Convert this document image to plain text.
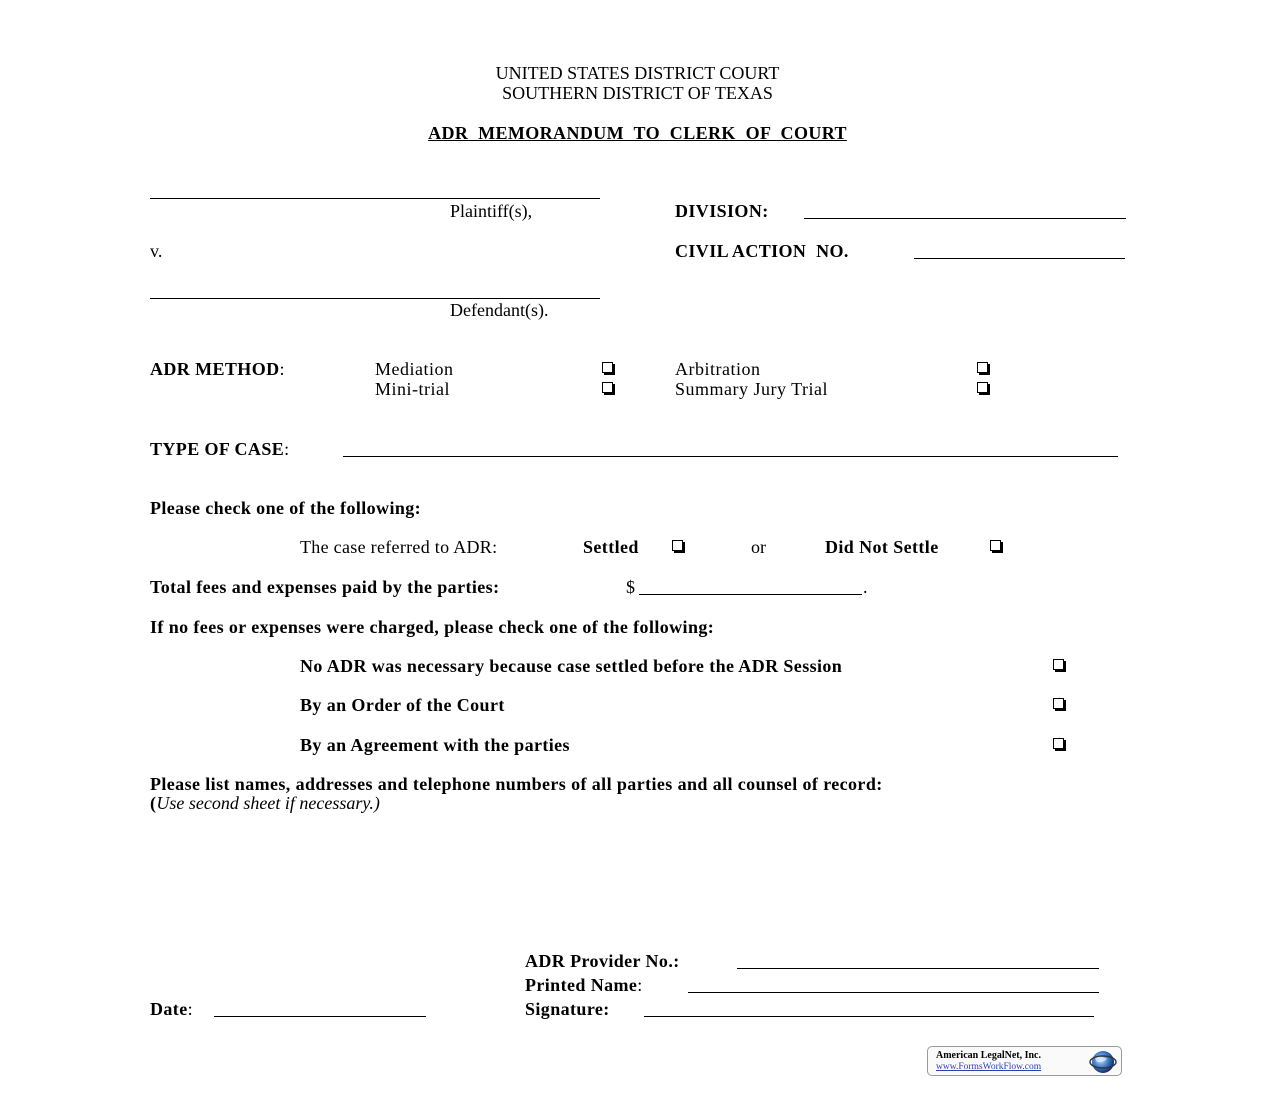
UNITED STATES DISTRICT COURT
SOUTHERN DISTRICT OF TEXAS
ADR  MEMORANDUM  TO  CLERK  OF  COURT
Plaintiff(s),	DIVISION:
v.	CIVIL ACTION  NO.
Defendant(s).
ADR METHOD:	Mediation	Arbitration
Mini-trial	Summary Jury Trial
TYPE OF CASE:
Please check one of the following:
The case referred to ADR:	Settled	or	Did Not Settle
Total fees and expenses paid by the parties:	$	.
If no fees or expenses were charged, please check one of the following:
No ADR was necessary because case settled before the ADR Session
By an Order of the Court
By an Agreement with the parties
Please list names, addresses and telephone numbers of all parties and all counsel of record:
(Use second sheet if necessary.)
ADR Provider No.:
Printed Name:
Date:	Signature:
American LegalNet, Inc.
www.FormsWorkFlow.com
